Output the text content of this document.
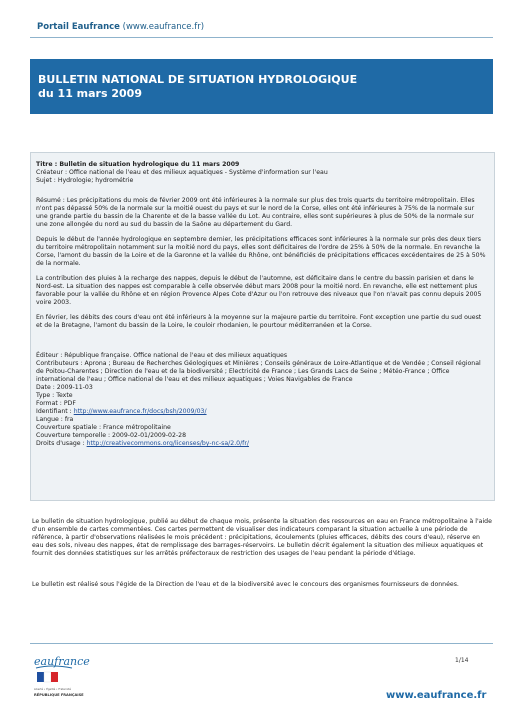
Portail Eaufrance (www.eaufrance.fr)

BULLETIN NATIONAL DE SITUATION HYDROLOGIQUE
du 11 mars 2009

Titre : Bulletin de situation hydrologique du 11 mars 2009

Créateur : Office national de l'eau et des milieux aquatiques - Système d'information sur l'eau

Sujet : Hydrologie; hydrométrie

Résumé : Les précipitations du mois de février 2009 ont été inférieures à la normale sur plus des trois quarts du territoire métropolitain. Elles n'ont pas dépassé 50% de la normale sur la moitié ouest du pays et sur le nord de la Corse, elles ont été inférieures à 75% de la normale sur une grande partie du bassin de la Charente et de la basse vallée du Lot. Au contraire, elles sont supérieures à plus de 50% de la normale sur une zone allongée du nord au sud du bassin de la Saône au département du Gard.

Depuis le début de l'année hydrologique en septembre dernier, les précipitations efficaces sont inférieures à la normale sur près des deux tiers du territoire métropolitain notamment sur la moitié nord du pays, elles sont déficitaires de l'ordre de 25% à 50% de la normale. En revanche la Corse, l'amont du bassin de la Loire et de la Garonne et la vallée du Rhône, ont bénéficiés de précipitations efficaces excédentaires de 25 à 50% de la normale.

La contribution des pluies à la recharge des nappes, depuis le début de l'automne, est déficitaire dans le centre du bassin parisien et dans le Nord-est. La situation des nappes est comparable à celle observée début mars 2008 pour la moitié nord. En revanche, elle est nettement plus favorable pour la vallée du Rhône et en région Provence Alpes Cote d'Azur ou l'on retrouve des niveaux que l'on n'avait pas connu depuis 2005 voire 2003.

En février, les débits des cours d'eau ont été inférieurs à la moyenne sur la majeure partie du territoire. Font exception une partie du sud ouest et de la Bretagne, l'amont du bassin de la Loire, le couloir rhodanien, le pourtour méditerranéen et la Corse.

Éditeur : République française. Office national de l'eau et des milieux aquatiques

Contributeurs : Aprona ; Bureau de Recherches Géologiques et Minières ; Conseils généraux de Loire-Atlantique et de Vendée ; Conseil régional de Poitou-Charentes ; Direction de l'eau et de la biodiversité ; Electricité de France ; Les Grands Lacs de Seine ; Météo-France ; Office international de l'eau ; Office national de l'eau et des milieux aquatiques ; Voies Navigables de France

Date : 2009-11-03

Type : Texte

Format : PDF

Identifiant : http://www.eaufrance.fr/docs/bsh/2009/03/

Langue : fra

Couverture spatiale : France métropolitaine

Couverture temporelle : 2009-02-01/2009-02-28

Droits d'usage : http://creativecommons.org/licenses/by-nc-sa/2.0/fr/

Le bulletin de situation hydrologique, publié au début de chaque mois, présente la situation des ressources en eau en France métropolitaine à l'aide d'un ensemble de cartes commentées. Ces cartes permettent de visualiser des indicateurs comparant la situation actuelle à une période de référence, à partir d'observations réalisées le mois précédent : précipitations, écoulements (pluies efficaces, débits des cours d'eau), réserve en eau des sols, niveau des nappes, état de remplissage des barrages-réservoirs. Le bulletin décrit également la situation des milieux aquatiques et fournit des données statistiques sur les arrêtés préfectoraux de restriction des usages de l'eau pendant la période d'étiage.

Le bulletin est réalisé sous l'égide de la Direction de l'eau et de la biodiversité avec le concours des organismes fournisseurs de données.

eaufrance
Liberté • Égalité • Fraternité
RÉPUBLIQUE FRANÇAISE

1/14

www.eaufrance.fr
